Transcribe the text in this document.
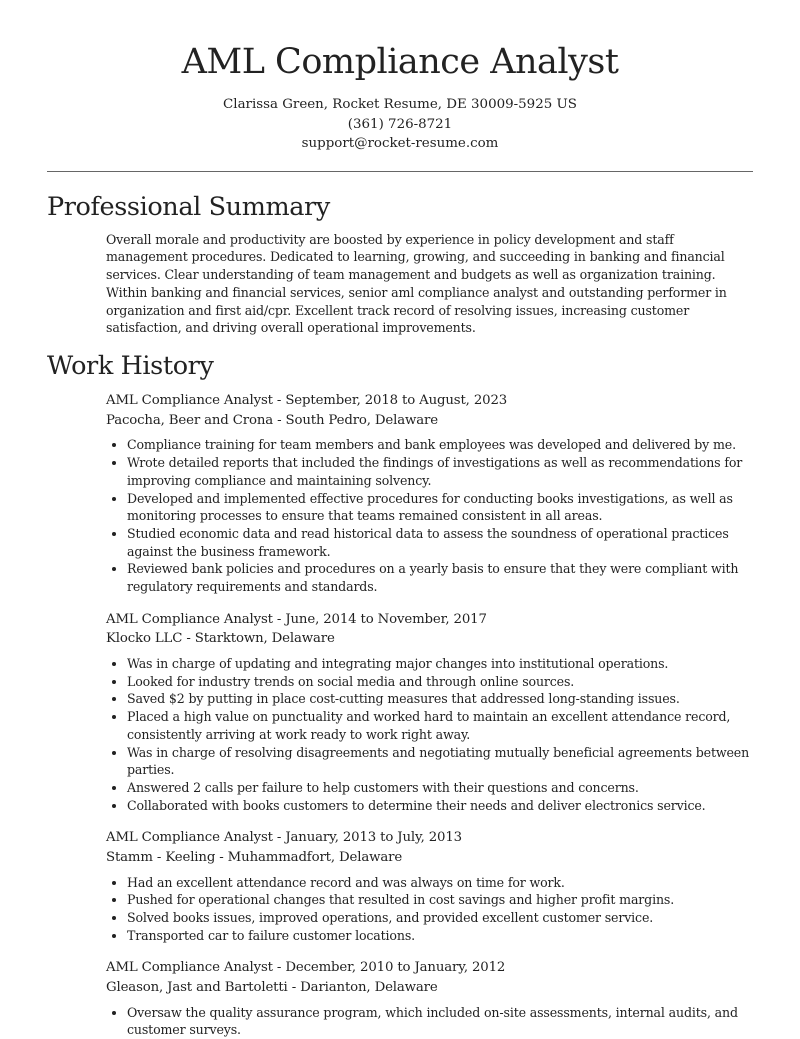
AML Compliance Analyst
Clarissa Green, Rocket Resume, DE 30009-5925 US
(361) 726-8721
support@rocket-resume.com
Professional Summary

Overall morale and productivity are boosted by experience in policy development and staff management procedures. Dedicated to learning, growing, and succeeding in banking and financial services. Clear understanding of team management and budgets as well as organization training. Within banking and financial services, senior aml compliance analyst and outstanding performer in organization and first aid/cpr. Excellent track record of resolving issues, increasing customer satisfaction, and driving overall operational improvements.

Work History
AML Compliance Analyst - September, 2018 to August, 2023
Pacocha, Beer and Crona - South Pedro, Delaware
• Compliance training for team members and bank employees was developed and delivered by me.
• Wrote detailed reports that included the findings of investigations as well as recommendations for improving compliance and maintaining solvency.
• Developed and implemented effective procedures for conducting books investigations, as well as monitoring processes to ensure that teams remained consistent in all areas.
• Studied economic data and read historical data to assess the soundness of operational practices against the business framework.
• Reviewed bank policies and procedures on a yearly basis to ensure that they were compliant with regulatory requirements and standards.
AML Compliance Analyst - June, 2014 to November, 2017
Klocko LLC - Starktown, Delaware
• Was in charge of updating and integrating major changes into institutional operations.
• Looked for industry trends on social media and through online sources.
• Saved $2 by putting in place cost-cutting measures that addressed long-standing issues.
• Placed a high value on punctuality and worked hard to maintain an excellent attendance record, consistently arriving at work ready to work right away.
• Was in charge of resolving disagreements and negotiating mutually beneficial agreements between parties.
• Answered 2 calls per failure to help customers with their questions and concerns.
• Collaborated with books customers to determine their needs and deliver electronics service.
AML Compliance Analyst - January, 2013 to July, 2013
Stamm - Keeling - Muhammadfort, Delaware
• Had an excellent attendance record and was always on time for work.
• Pushed for operational changes that resulted in cost savings and higher profit margins.
• Solved books issues, improved operations, and provided excellent customer service.
• Transported car to failure customer locations.
AML Compliance Analyst - December, 2010 to January, 2012
Gleason, Jast and Bartoletti - Darianton, Delaware
• Oversaw the quality assurance program, which included on-site assessments, internal audits, and customer surveys.
